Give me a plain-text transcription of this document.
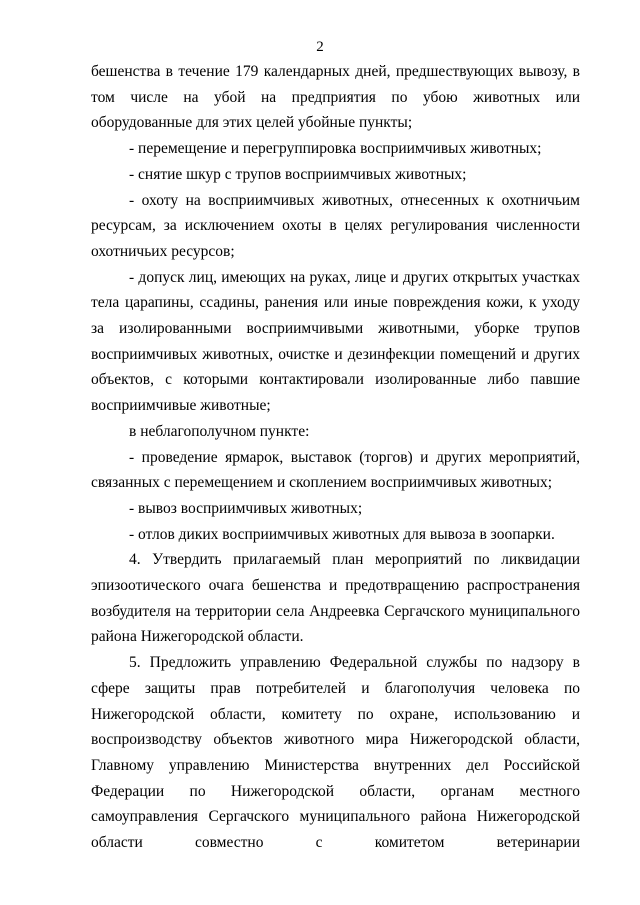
2

бешенства в течение 179 календарных дней, предшествующих вывозу, в том числе на убой на предприятия по убою животных или оборудованные для этих целей убойные пункты;

- перемещение и перегруппировка восприимчивых животных;

- снятие шкур с трупов восприимчивых животных;

- охоту на восприимчивых животных, отнесенных к охотничьим ресурсам, за исключением охоты в целях регулирования численности охотничьих ресурсов;

- допуск лиц, имеющих на руках, лице и других открытых участках тела царапины, ссадины, ранения или иные повреждения кожи, к уходу за изолированными восприимчивыми животными, уборке трупов восприимчивых животных, очистке и дезинфекции помещений и других объектов, с которыми контактировали изолированные либо павшие восприимчивые животные;

в неблагополучном пункте:

- проведение ярмарок, выставок (торгов) и других мероприятий, связанных с перемещением и скоплением восприимчивых животных;

- вывоз восприимчивых животных;

- отлов диких восприимчивых животных для вывоза в зоопарки.

4. Утвердить прилагаемый план мероприятий по ликвидации эпизоотического очага бешенства и предотвращению распространения возбудителя на территории села Андреевка Сергачского муниципального района Нижегородской области.

5. Предложить управлению Федеральной службы по надзору в сфере защиты прав потребителей и благополучия человека по Нижегородской области, комитету по охране, использованию и воспроизводству объектов животного мира Нижегородской области, Главному управлению Министерства внутренних дел Российской Федерации по Нижегородской области, органам местного самоуправления Сергачского муниципального района Нижегородской области совместно с комитетом ветеринарии
